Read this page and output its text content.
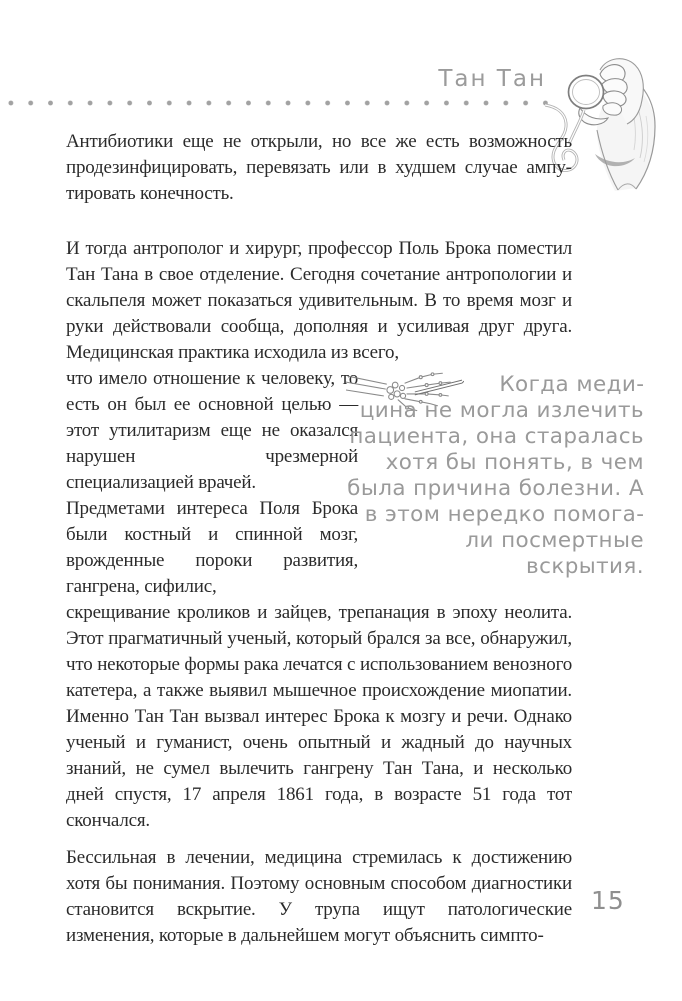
Тан Тан

Антибиотики еще не открыли, но все же есть возможность продезинфицировать, перевязать или в худшем случае ампутировать конечность.

И тогда антрополог и хирург, профессор Поль Брока поместил Тан Тана в свое отделение. Сегодня сочетание антропологии и скальпеля может показаться удивительным. В то время мозг и руки действовали сообща, дополняя и усиливая друг друга. Медицинская практика исходила из всего,

что имело отношение к человеку, то есть он был ее основной целью — этот утилитаризм еще не оказался нарушен чрезмерной специализацией врачей.

Предметами интереса Поля Брока были костный и спинной мозг, врожденные пороки развития, гангрена, сифилис,

скрещивание кроликов и зайцев, трепанация в эпоху неолита. Этот прагматичный ученый, который брался за все, обнаружил, что некоторые формы рака лечатся с использованием венозного катетера, а также выявил мышечное происхождение миопатии. Именно Тан Тан вызвал интерес Брока к мозгу и речи. Однако ученый и гуманист, очень опытный и жадный до научных знаний, не сумел вылечить гангрену Тан Тана, и несколько дней спустя, 17 апреля 1861 года, в возрасте 51 года тот скончался.

Бессильная в лечении, медицина стремилась к достижению хотя бы понимания. Поэтому основным способом диагностики становится вскрытие. У трупа ищут патологические изменения, которые в дальнейшем могут объяснить симпто-

Когда медицина не могла излечить пациента, она старалась хотя бы понять, в чем была причина болезни. А в этом нередко помогали посмертные вскрытия.
15
